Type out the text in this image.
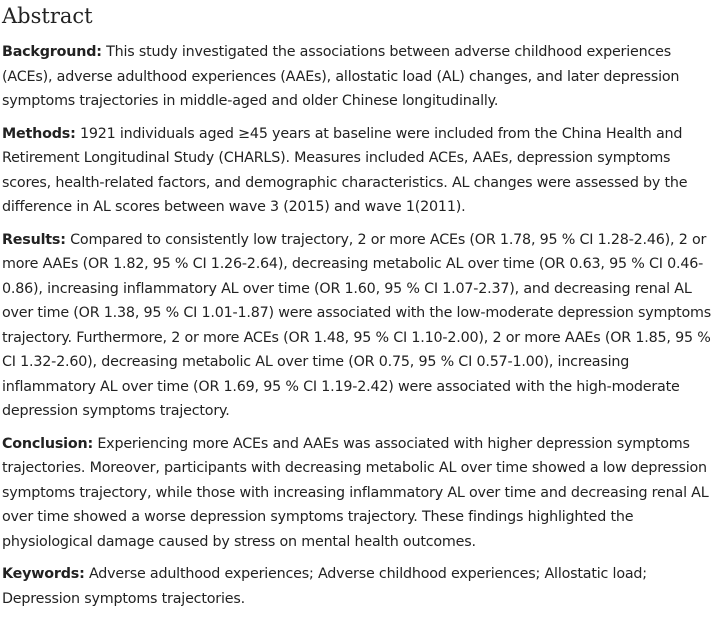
Abstract

Background: This study investigated the associations between adverse childhood experiences (ACEs), adverse adulthood experiences (AAEs), allostatic load (AL) changes, and later depression symptoms trajectories in middle-aged and older Chinese longitudinally.

Methods: 1921 individuals aged ≥45 years at baseline were included from the China Health and Retirement Longitudinal Study (CHARLS). Measures included ACEs, AAEs, depression symptoms scores, health-related factors, and demographic characteristics. AL changes were assessed by the difference in AL scores between wave 3 (2015) and wave 1(2011).

Results: Compared to consistently low trajectory, 2 or more ACEs (OR 1.78, 95 % CI 1.28-2.46), 2 or more AAEs (OR 1.82, 95 % CI 1.26-2.64), decreasing metabolic AL over time (OR 0.63, 95 % CI 0.46-0.86), increasing inflammatory AL over time (OR 1.60, 95 % CI 1.07-2.37), and decreasing renal AL over time (OR 1.38, 95 % CI 1.01-1.87) were associated with the low-moderate depression symptoms trajectory. Furthermore, 2 or more ACEs (OR 1.48, 95 % CI 1.10-2.00), 2 or more AAEs (OR 1.85, 95 % CI 1.32-2.60), decreasing metabolic AL over time (OR 0.75, 95 % CI 0.57-1.00), increasing inflammatory AL over time (OR 1.69, 95 % CI 1.19-2.42) were associated with the high-moderate depression symptoms trajectory.

Conclusion: Experiencing more ACEs and AAEs was associated with higher depression symptoms trajectories. Moreover, participants with decreasing metabolic AL over time showed a low depression symptoms trajectory, while those with increasing inflammatory AL over time and decreasing renal AL over time showed a worse depression symptoms trajectory. These findings highlighted the physiological damage caused by stress on mental health outcomes.

Keywords: Adverse adulthood experiences; Adverse childhood experiences; Allostatic load; Depression symptoms trajectories.
